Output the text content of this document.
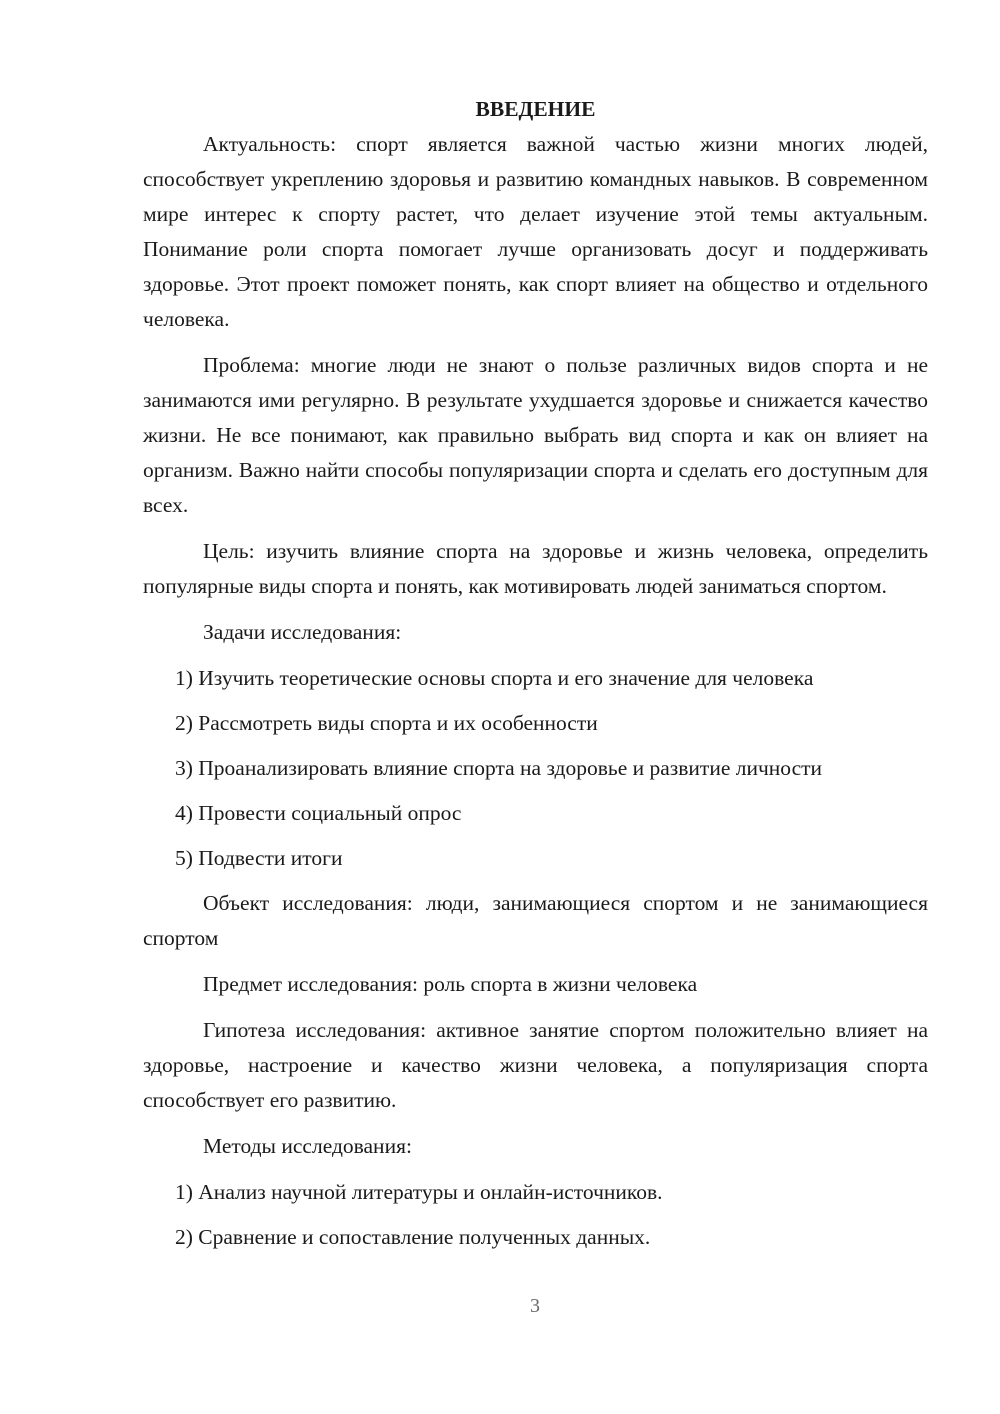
ВВЕДЕНИЕ

Актуальность: спорт является важной частью жизни многих людей, способствует укреплению здоровья и развитию командных навыков. В современном мире интерес к спорту растет, что делает изучение этой темы актуальным. Понимание роли спорта помогает лучше организовать досуг и поддерживать здоровье. Этот проект поможет понять, как спорт влияет на общество и отдельного человека.

Проблема: многие люди не знают о пользе различных видов спорта и не занимаются ими регулярно. В результате ухудшается здоровье и снижается качество жизни. Не все понимают, как правильно выбрать вид спорта и как он влияет на организм. Важно найти способы популяризации спорта и сделать его доступным для всех.

Цель: изучить влияние спорта на здоровье и жизнь человека, определить популярные виды спорта и понять, как мотивировать людей заниматься спортом.

Задачи исследования:

1) Изучить теоретические основы спорта и его значение для человека

2) Рассмотреть виды спорта и их особенности

3) Проанализировать влияние спорта на здоровье и развитие личности

4) Провести социальный опрос

5) Подвести итоги

Объект исследования: люди, занимающиеся спортом и не занимающиеся спортом

Предмет исследования: роль спорта в жизни человека

Гипотеза исследования: активное занятие спортом положительно влияет на здоровье, настроение и качество жизни человека, а популяризация спорта способствует его развитию.

Методы исследования:

1) Анализ научной литературы и онлайн-источников.

2) Сравнение и сопоставление полученных данных.

3
